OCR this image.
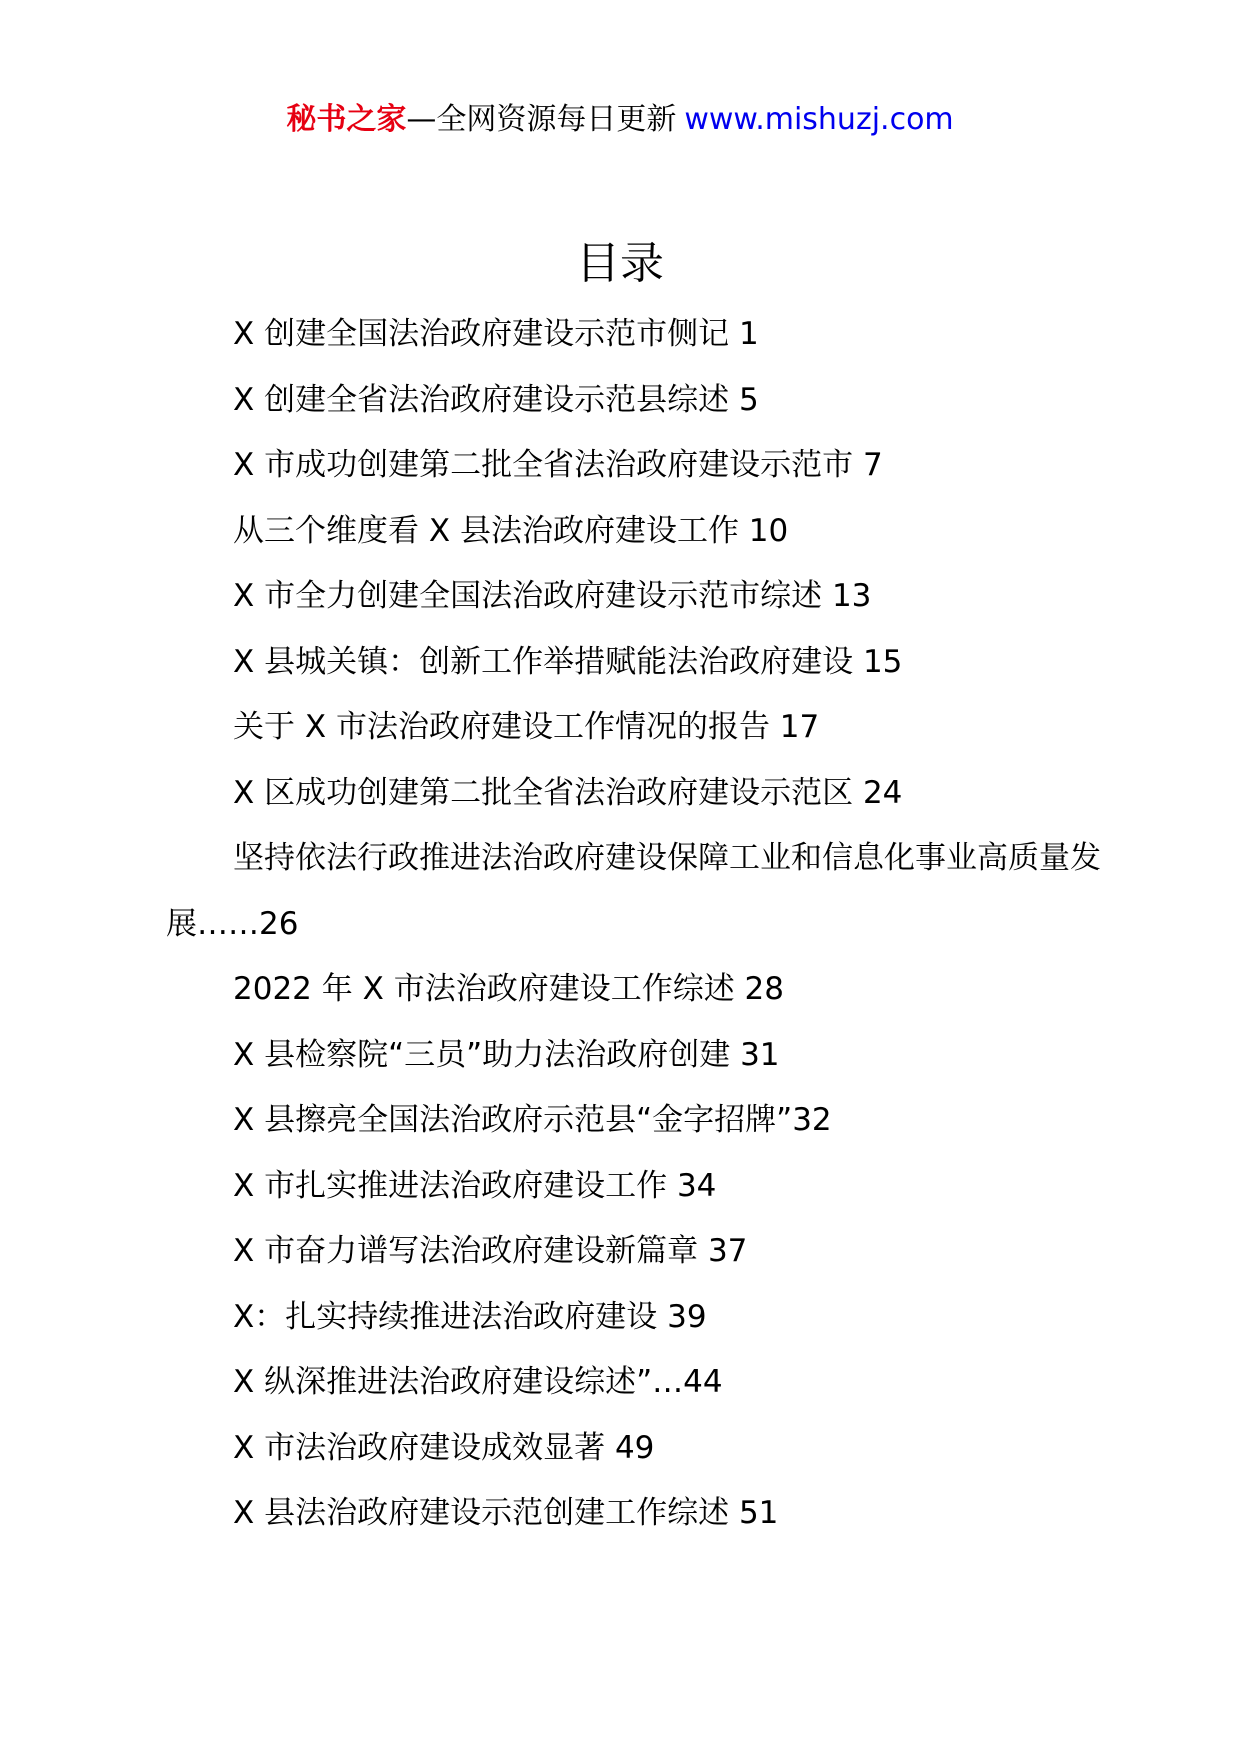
秘书之家—全网资源每日更新 www.mishuzj.com
目录
X 创建全国法治政府建设示范市侧记 1
X 创建全省法治政府建设示范县综述 5
X 市成功创建第二批全省法治政府建设示范市 7
从三个维度看 X 县法治政府建设工作 10
X 市全力创建全国法治政府建设示范市综述 13
X 县城关镇：创新工作举措赋能法治政府建设 15
关于 X 市法治政府建设工作情况的报告 17
X 区成功创建第二批全省法治政府建设示范区 24
坚持依法行政推进法治政府建设保障工业和信息化事业高质量发展……26
2022 年 X 市法治政府建设工作综述 28
X 县检察院“三员”助力法治政府创建 31
X 县擦亮全国法治政府示范县“金字招牌”32
X 市扎实推进法治政府建设工作 34
X 市奋力谱写法治政府建设新篇章 37
X：扎实持续推进法治政府建设 39
X 纵深推进法治政府建设综述”…44
X 市法治政府建设成效显著 49
X 县法治政府建设示范创建工作综述 51
